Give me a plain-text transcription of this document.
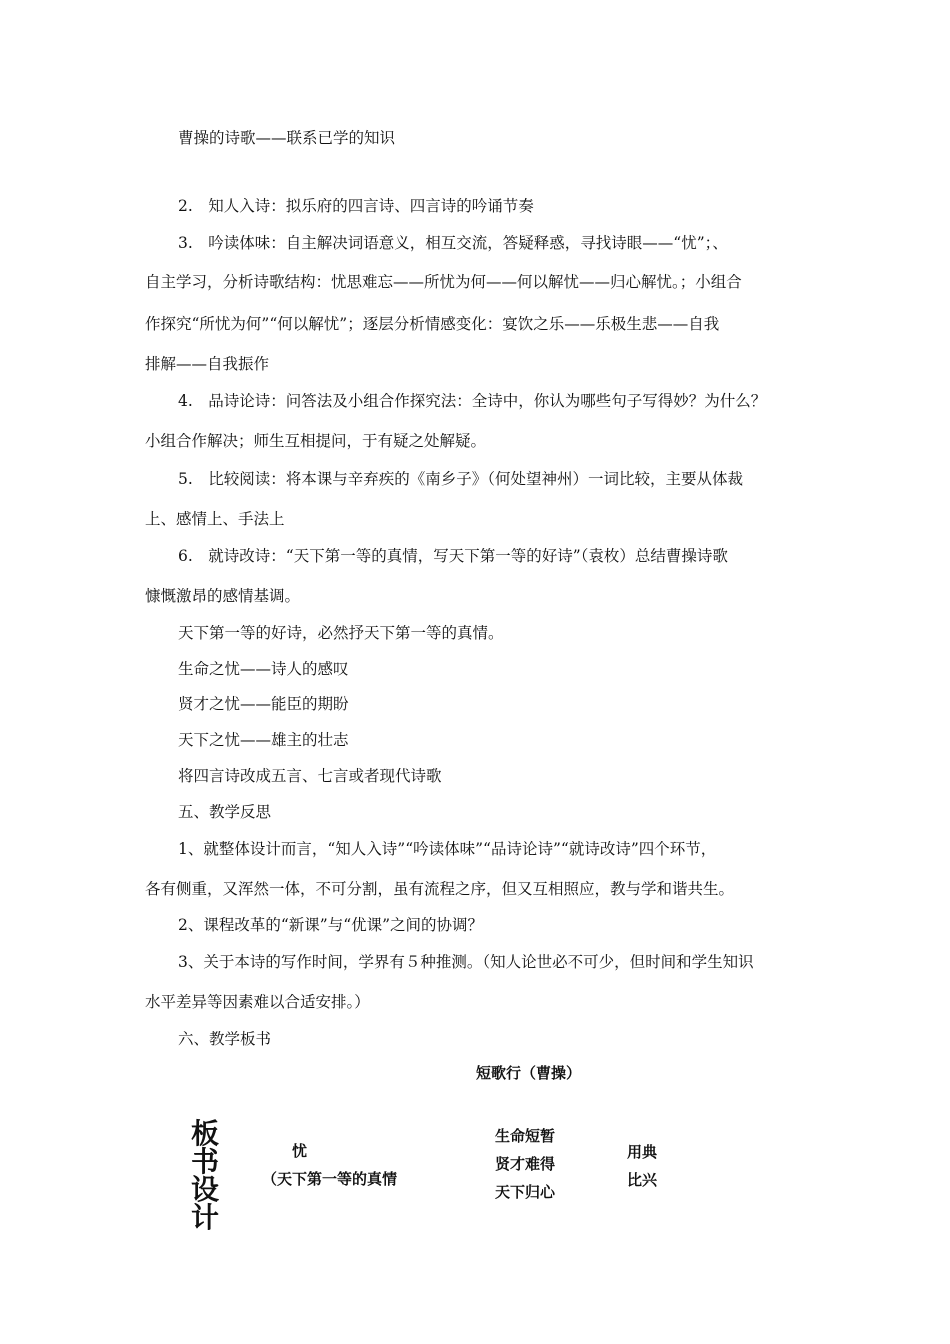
曹操的诗歌——联系已学的知识
2.　知人入诗：拟乐府的四言诗、四言诗的吟诵节奏
3.　吟读体味：自主解决词语意义，相互交流，答疑释惑，寻找诗眼——“忧”；、
自主学习，分析诗歌结构：忧思难忘——所忧为何——何以解忧——归心解忧。；小组合
作探究“所忧为何”“何以解忧”；逐层分析情感变化：宴饮之乐——乐极生悲——自我
排解——自我振作
4.　品诗论诗：问答法及小组合作探究法：全诗中，你认为哪些句子写得妙？为什么？
小组合作解决；师生互相提问，于有疑之处解疑。
5.　比较阅读：将本课与辛弃疾的《南乡子》（何处望神州）一词比较，主要从体裁
上、感情上、手法上
6.　就诗改诗：“天下第一等的真情，写天下第一等的好诗”（袁枚）总结曹操诗歌
慷慨激昂的感情基调。
天下第一等的好诗，必然抒天下第一等的真情。
生命之忧——诗人的感叹
贤才之忧——能臣的期盼
天下之忧——雄主的壮志
将四言诗改成五言、七言或者现代诗歌
五、教学反思
1、就整体设计而言，“知人入诗”“吟读体味”“品诗论诗”“就诗改诗”四个环节，
各有侧重，又浑然一体，不可分割，虽有流程之序，但又互相照应，教与学和谐共生。
2、课程改革的“新课”与“优课”之间的协调？
3、关于本诗的写作时间，学界有５种推测。（知人论世必不可少，但时间和学生知识
水平差异等因素难以合适安排。）
六、教学板书
短歌行（曹操）
板
书
设
计
忧
（天下第一等的真情
生命短暂
贤才难得
天下归心
用典
比兴
